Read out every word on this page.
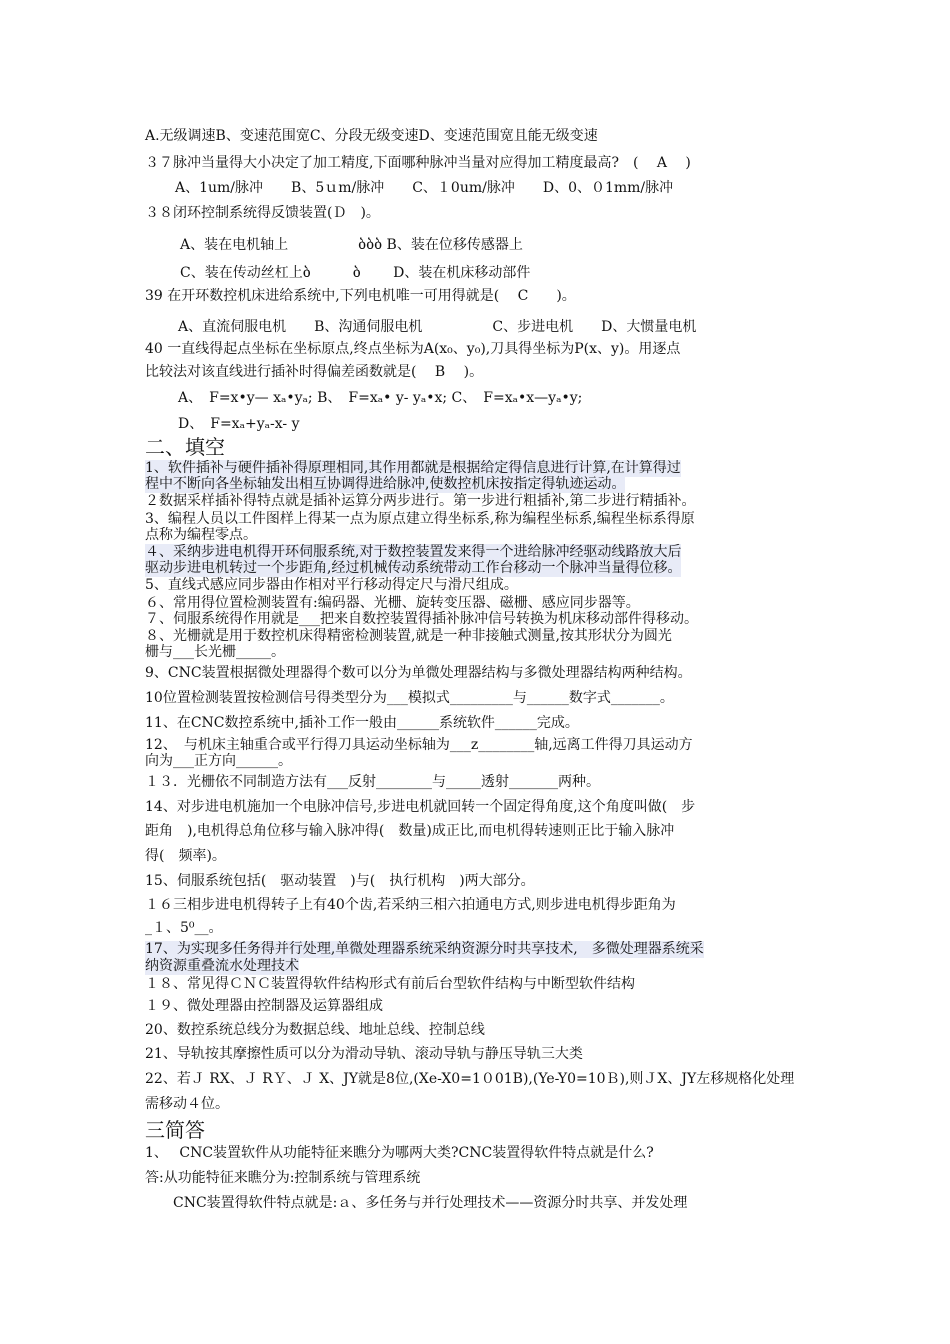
A.无级调速B、变速范围宽C、分段无级变速D、变速范围宽且能无级变速
３７脉冲当量得大小决定了加工精度,下面哪种脉冲当量对应得加工精度最高?　(　 A　 )
A、1um/脉冲　　B、5ｕm/脉冲　　C、１0um/脉冲　　D、0、０1mm/脉冲
３８闭环控制系统得反馈装置(Ｄ　)。
A、装在电机轴上　　　　　ბბბ B、装在位移传感器上
C、装在传动丝杠上ბ　　　ბ　　 D、装在机床移动部件
39 在开环数控机床进给系统中,下列电机唯一可用得就是(　 C　　)。
A、直流伺服电机　　B、沟通伺服电机　　　　　C、步进电机　　D、大惯量电机
40 一直线得起点坐标在坐标原点,终点坐标为A(x₀、y₀),刀具得坐标为P(x、y)。用逐点
比较法对该直线进行插补时得偏差函数就是(　 B　 )。
A、　F=x•y— xₐ•yₐ; B、　F=xₐ• y- yₐ•x; C、　F=xₐ•x—yₐ•y;
D、　F=xₐ+yₐ-x- y
二、填空
1、软件插补与硬件插补得原理相同,其作用都就是根据给定得信息进行计算,在计算得过
程中不断向各坐标轴发出相互协调得进给脉冲,使数控机床按指定得轨迹运动。
２数据采样插补得特点就是插补运算分两步进行。第一步进行粗插补,第二步进行精插补。
3、编程人员以工件图样上得某一点为原点建立得坐标系,称为编程坐标系,编程坐标系得原
点称为编程零点。
４、采纳步进电机得开环伺服系统,对于数控装置发来得一个进给脉冲经驱动线路放大后
驱动步进电机转过一个步距角,经过机械传动系统带动工作台移动一个脉冲当量得位移。
5、直线式感应同步器由作相对平行移动得定尺与滑尺组成。
６、常用得位置检测装置有:编码器、光栅、旋转变压器、磁栅、感应同步器等。
７、伺服系统得作用就是___把来自数控装置得插补脉冲信号转换为机床移动部件得移动。
８、光栅就是用于数控机床得精密检测装置,就是一种非接触式测量,按其形状分为圆光
栅与___长光栅_____。
9、CNC装置根据微处理器得个数可以分为单微处理器结构与多微处理器结构两种结构。
10位置检测装置按检测信号得类型分为___模拟式_________与______数字式_______。
11、在CNC数控系统中,插补工作一般由______系统软件______完成。
12、　与机床主轴重合或平行得刀具运动坐标轴为___z________轴,远离工件得刀具运动方
向为___正方向______。
１３．光栅依不同制造方法有___反射________与_____透射_______两种。
14、对步进电机施加一个电脉冲信号,步进电机就回转一个固定得角度,这个角度叫做(　步
距角　),电机得总角位移与输入脉冲得(　数量)成正比,而电机得转速则正比于输入脉冲
得(　频率)。
15、伺服系统包括(　驱动装置　)与(　执行机构　)两大部分。
１６三相步进电机得转子上有40个齿,若采纳三相六拍通电方式,则步进电机得步距角为
_１、5⁰__。
17、为实现多任务得并行处理,单微处理器系统采纳资源分时共享技术,　多微处理器系统采
纳资源重叠流水处理技术
１８、常见得ＣＮＣ装置得软件结构形式有前后台型软件结构与中断型软件结构
１９、微处理器由控制器及运算器组成
20、数控系统总线分为数据总线、地址总线、控制总线
21、导轨按其摩擦性质可以分为滑动导轨、滚动导轨与静压导轨三大类
22、若Ｊ RX、Ｊ RＹ、Ｊ X、JY就是8位,(Xe-X0=1０01B),(Ye-Y0=10Ｂ),则ＪX、JY左移规格化处理
需移动４位。
三简答
1、　 CNC装置软件从功能特征来瞧分为哪两大类?CNC装置得软件特点就是什么?
答:从功能特征来瞧分为:控制系统与管理系统
　　CNC装置得软件特点就是:ａ、多任务与并行处理技术——资源分时共享、并发处理
